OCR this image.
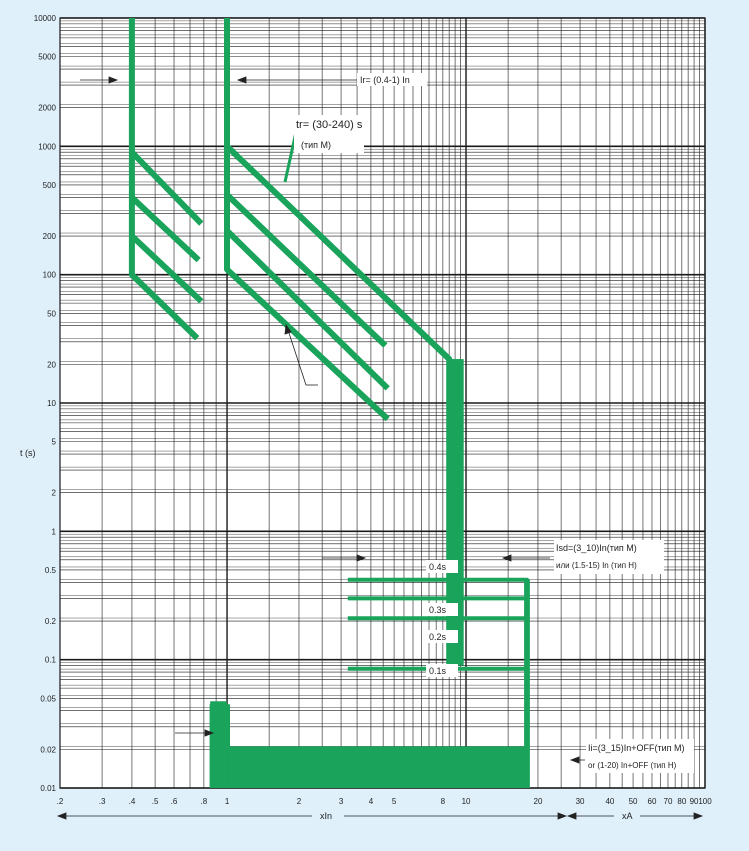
.2	.3	.4 .5 .6	.8 1	2	3	4 5	8 10	20	30	40 50 60 70 80 90 100
10000
5000
2000
1000
500
200
100
50
20
10
5
2
1
0.5
0.2
0.1
0.05
0.02
0.01
t (s)
xIn	xA
Ir= (0.4-1) In
tr= (30-240) s
(тип M)
Isd=(3_10)In(тип M)
или (1.5-15) In (тип H)
Ii=(3_15)In+OFF(тип M)
or (1-20) In+OFF (тип H)
0.4s
0.3s
0.2s
0.1s
